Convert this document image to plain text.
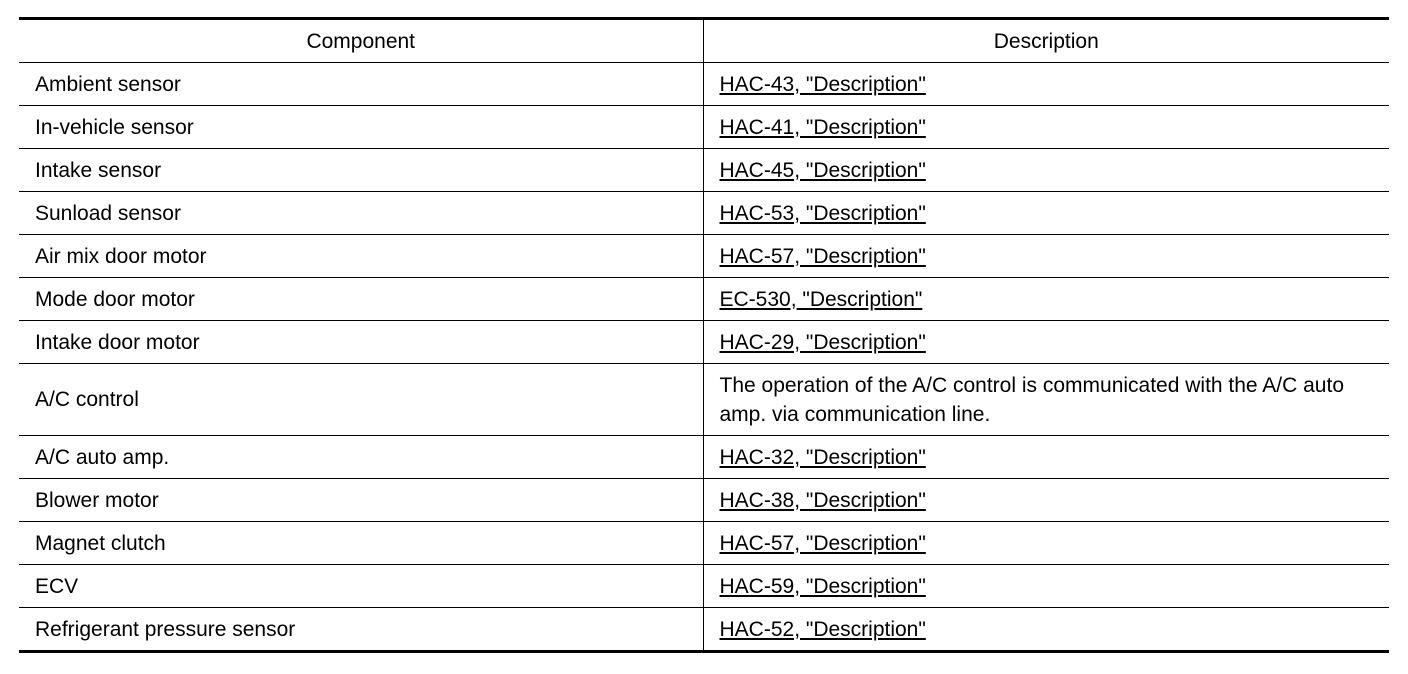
Component	Description
Ambient sensor	HAC-43, "Description"
In-vehicle sensor	HAC-41, "Description"
Intake sensor	HAC-45, "Description"
Sunload sensor	HAC-53, "Description"
Air mix door motor	HAC-57, "Description"
Mode door motor	EC-530, "Description"
Intake door motor	HAC-29, "Description"
A/C control	The operation of the A/C control is communicated with the A/C auto amp. via communication line.
A/C auto amp.	HAC-32, "Description"
Blower motor	HAC-38, "Description"
Magnet clutch	HAC-57, "Description"
ECV	HAC-59, "Description"
Refrigerant pressure sensor	HAC-52, "Description"
